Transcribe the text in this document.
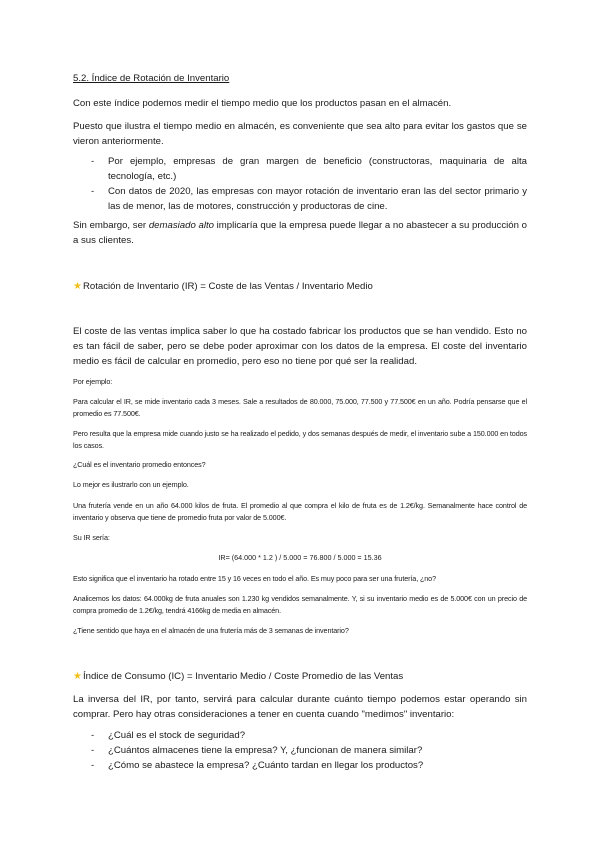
5.2. Índice de Rotación de Inventario

Con este índice podemos medir el tiempo medio que los productos pasan en el almacén.

Puesto que ilustra el tiempo medio en almacén, es conveniente que sea alto para evitar los gastos que se vieron anteriormente.

- Por ejemplo, empresas de gran margen de beneficio (constructoras, maquinaria de alta tecnología, etc.)
- Con datos de 2020, las empresas con mayor rotación de inventario eran las del sector primario y las de menor, las de motores, construcción y productoras de cine.

Sin embargo, ser demasiado alto implicaría que la empresa puede llegar a no abastecer a su producción o a sus clientes.

★Rotación de Inventario (IR) = Coste de las Ventas / Inventario Medio

El coste de las ventas implica saber lo que ha costado fabricar los productos que se han vendido. Esto no es tan fácil de saber, pero se debe poder aproximar con los datos de la empresa. El coste del inventario medio es fácil de calcular en promedio, pero eso no tiene por qué ser la realidad.

Por ejemplo:

Para calcular el IR, se mide inventario cada 3 meses. Sale a resultados de 80.000, 75.000, 77.500 y 77.500€ en un año. Podría pensarse que el promedio es 77.500€.

Pero resulta que la empresa mide cuando justo se ha realizado el pedido, y dos semanas después de medir, el inventario sube a 150.000 en todos los casos.

¿Cuál es el inventario promedio entonces?

Lo mejor es ilustrarlo con un ejemplo.

Una frutería vende en un año 64.000 kilos de fruta. El promedio al que compra el kilo de fruta es de 1.2€/kg. Semanalmente hace control de inventario y observa que tiene de promedio fruta por valor de 5.000€.

Su IR sería:

IR= (64.000 * 1.2 ) / 5.000 = 76.800 / 5.000 = 15.36

Esto significa que el inventario ha rotado entre 15 y 16 veces en todo el año. Es muy poco para ser una frutería, ¿no?

Analicemos los datos: 64.000kg de fruta anuales son 1.230 kg vendidos semanalmente. Y, si su inventario medio es de 5.000€ con un precio de compra promedio de 1.2€/kg, tendrá 4166kg de media en almacén.

¿Tiene sentido que haya en el almacén de una frutería más de 3 semanas de inventario?

★Índice de Consumo (IC) = Inventario Medio / Coste Promedio de las Ventas

La inversa del IR, por tanto, servirá para calcular durante cuánto tiempo podemos estar operando sin comprar. Pero hay otras consideraciones a tener en cuenta cuando "medimos" inventario:

- ¿Cuál es el stock de seguridad?
- ¿Cuántos almacenes tiene la empresa? Y, ¿funcionan de manera similar?
- ¿Cómo se abastece la empresa? ¿Cuánto tardan en llegar los productos?
